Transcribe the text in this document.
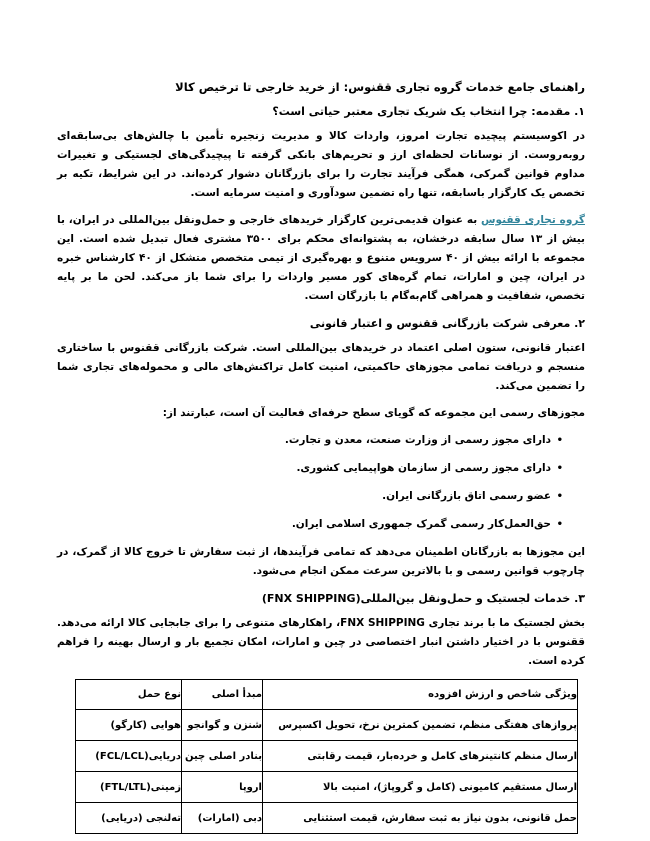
راهنمای جامع خدمات گروه تجاری ققنوس: از خرید خارجی تا ترخیص کالا
۱. مقدمه: چرا انتخاب یک شریک تجاری معتبر حیاتی است؟

در اکوسیستم پیچیده تجارت امروز، واردات کالا و مدیریت زنجیره تأمین با چالش‌های بی‌سابقه‌ای روبه‌روست. از نوسانات لحظه‌ای ارز و تحریم‌های بانکی گرفته تا پیچیدگی‌های لجستیکی و تغییرات مداوم قوانین گمرکی، همگی فرآیند تجارت را برای بازرگانان دشوار کرده‌اند. در این شرایط، تکیه بر تخصص یک کارگزار باسابقه، تنها راه تضمین سودآوری و امنیت سرمایه است.

گروه تجاری ققنوس به عنوان قدیمی‌ترین کارگزار خریدهای خارجی و حمل‌ونقل بین‌المللی در ایران، با بیش از ۱۳ سال سابقه درخشان، به پشتوانه‌ای محکم برای ۳۵۰۰ مشتری فعال تبدیل شده است. این مجموعه با ارائه بیش از ۴۰ سرویس متنوع و بهره‌گیری از تیمی متخصص متشکل از ۴۰ کارشناس خبره در ایران، چین و امارات، تمام گره‌های کور مسیر واردات را برای شما باز می‌کند. لحن ما بر پایه تخصص، شفافیت و همراهی گام‌به‌گام با بازرگان است.

۲. معرفی شرکت بازرگانی ققنوس و اعتبار قانونی

اعتبار قانونی، ستون اصلی اعتماد در خریدهای بین‌المللی است. شرکت بازرگانی ققنوس با ساختاری منسجم و دریافت تمامی مجوزهای حاکمیتی، امنیت کامل تراکنش‌های مالی و محموله‌های تجاری شما را تضمین می‌کند.

مجوزهای رسمی این مجموعه که گویای سطح حرفه‌ای فعالیت آن است، عبارتند از:

•
دارای مجوز رسمی از وزارت صنعت، معدن و تجارت.
•
دارای مجوز رسمی از سازمان هواپیمایی کشوری.
•
عضو رسمی اتاق بازرگانی ایران.
•
حق‌العمل‌کار رسمی گمرک جمهوری اسلامی ایران.

این مجوزها به بازرگانان اطمینان می‌دهد که تمامی فرآیندها، از ثبت سفارش تا خروج کالا از گمرک، در چارچوب قوانین رسمی و با بالاترین سرعت ممکن انجام می‌شود.

۳. خدمات لجستیک و حمل‌ونقل بین‌المللی(FNX SHIPPING)

بخش لجستیک ما با برند تجاری FNX SHIPPING، راهکارهای متنوعی را برای جابجایی کالا ارائه می‌دهد. ققنوس با در اختیار داشتن انبار اختصاصی در چین و امارات، امکان تجمیع بار و ارسال بهینه را فراهم کرده است.

ویژگی شاخص و ارزش افزوده	مبدأ اصلی	نوع حمل
پروازهای هفتگی منظم، تضمین کمترین نرخ، تحویل اکسپرس	شنزن و گوانجو	هوایی (کارگو)
ارسال منظم کانتینرهای کامل و خرده‌بار، قیمت رقابتی	بنادر اصلی چین	دریایی(FCL/LCL)
ارسال مستقیم کامیونی (کامل و گروپاژ)، امنیت بالا	اروپا	زمینی(FTL/LTL)
حمل قانونی، بدون نیاز به ثبت سفارش، قیمت استثنایی	دبی (امارات)	ته‌لنجی (دریایی)
